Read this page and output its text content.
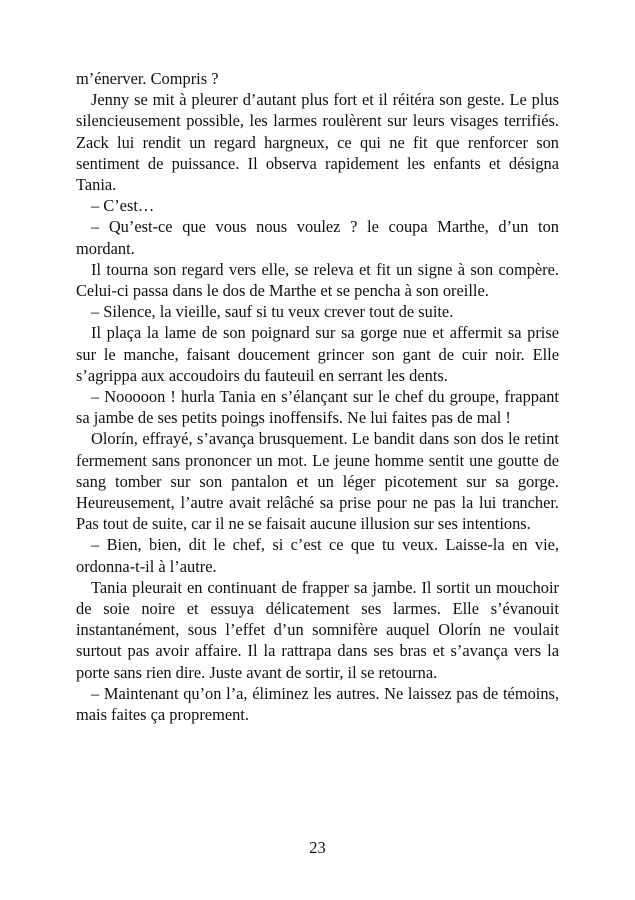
m’énerver. Compris ?

Jenny se mit à pleurer d’autant plus fort et il réitéra son geste. Le plus silencieusement possible, les larmes roulèrent sur leurs visages terrifiés. Zack lui rendit un regard hargneux, ce qui ne fit que renforcer son sentiment de puissance. Il observa rapidement les enfants et désigna Tania.

– C’est…

– Qu’est-ce que vous nous voulez ? le coupa Marthe, d’un ton mordant.

Il tourna son regard vers elle, se releva et fit un signe à son compère. Celui-ci passa dans le dos de Marthe et se pencha à son oreille.

– Silence, la vieille, sauf si tu veux crever tout de suite.

Il plaça la lame de son poignard sur sa gorge nue et affermit sa prise sur le manche, faisant doucement grincer son gant de cuir noir. Elle s’agrippa aux accoudoirs du fauteuil en serrant les dents.

– Nooooon ! hurla Tania en s’élançant sur le chef du groupe, frappant sa jambe de ses petits poings inoffensifs. Ne lui faites pas de mal !

Olorín, effrayé, s’avança brusquement. Le bandit dans son dos le retint fermement sans prononcer un mot. Le jeune homme sentit une goutte de sang tomber sur son pantalon et un léger picotement sur sa gorge. Heureusement, l’autre avait relâché sa prise pour ne pas la lui trancher. Pas tout de suite, car il ne se faisait aucune illusion sur ses intentions.

– Bien, bien, dit le chef, si c’est ce que tu veux. Laisse-la en vie, ordonna-t-il à l’autre.

Tania pleurait en continuant de frapper sa jambe. Il sortit un mouchoir de soie noire et essuya délicatement ses larmes. Elle s’évanouit instantanément, sous l’effet d’un somnifère auquel Olorín ne voulait surtout pas avoir affaire. Il la rattrapa dans ses bras et s’avança vers la porte sans rien dire. Juste avant de sortir, il se retourna.

– Maintenant qu’on l’a, éliminez les autres. Ne laissez pas de témoins, mais faites ça proprement.

23
